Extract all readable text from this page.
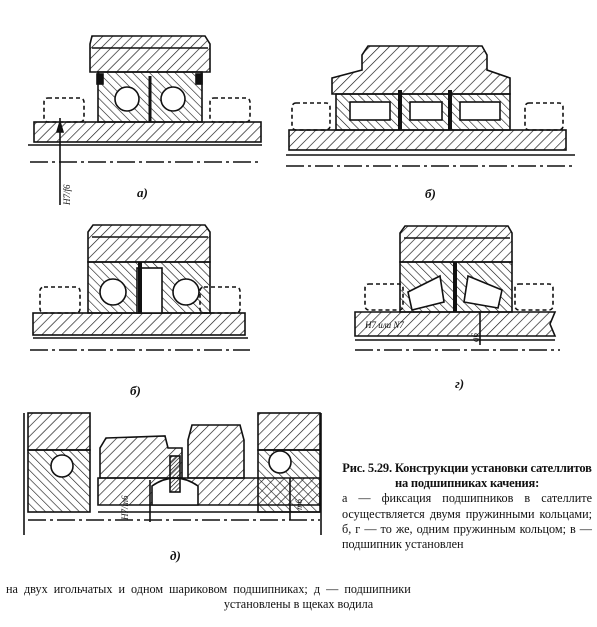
H7/f6	а)	б)
б)
H7 или N7
g6
г)
H7/m6	m6
д)
Рис. 5.29. Конструкции установки сателлитов на подшипниках качения:
а — фиксация подшипников в сателлите осуществляется двумя пружинными кольцами; б, г — то же, одним пружинным кольцом; в — подшипник установлен
на двух игольчатых и одном шариковом подшипниках; д — подшипники
установлены в щеках водила
